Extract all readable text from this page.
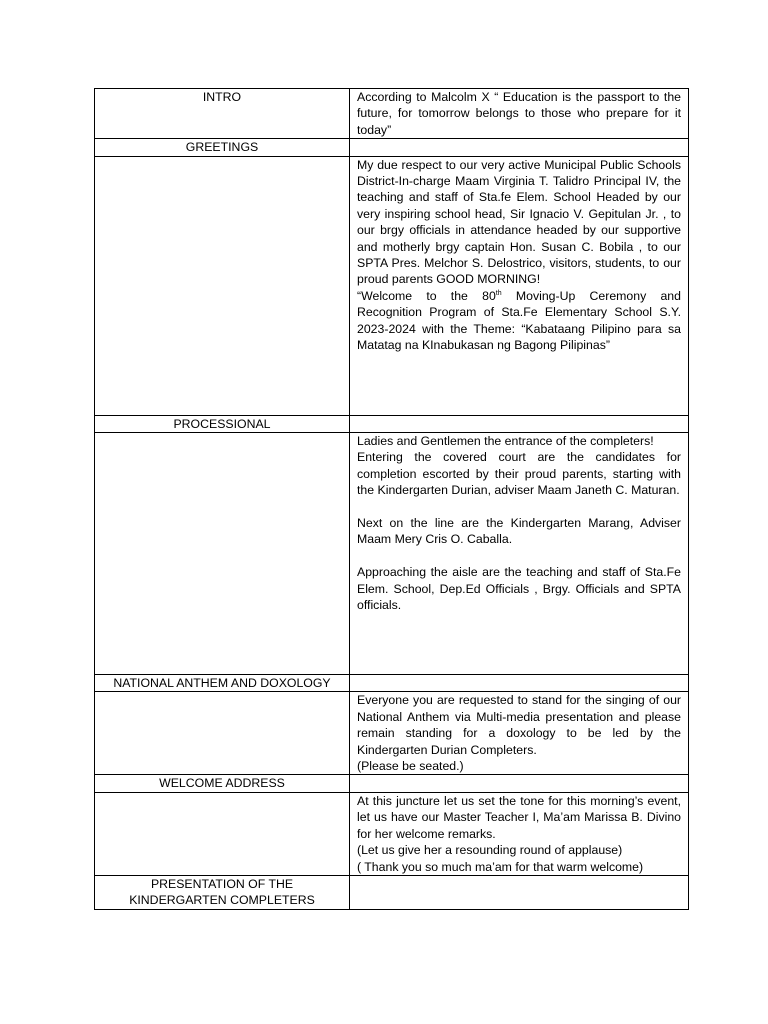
INTRO	According to Malcolm X “ Education is the passport to the future, for tomorrow belongs to those who prepare for it today”
GREETINGS	

	My due respect to our very active Municipal Public Schools District-In-charge Maam Virginia T. Talidro Principal IV, the teaching and staff of Sta.fe Elem. School Headed by our very inspiring school head, Sir Ignacio V. Gepitulan Jr. , to our brgy officials in attendance headed by our supportive and motherly brgy captain Hon. Susan C. Bobila , to our SPTA Pres. Melchor S. Delostrico, visitors, students, to our proud parents GOOD MORNING!

“Welcome to the 80th Moving-Up Ceremony and Recognition Program of Sta.Fe Elementary School S.Y. 2023-2024 with the Theme: “Kabataang Pilipino para sa Matatag na KInabukasan ng Bagong Pilipinas”

PROCESSIONAL	

	Ladies and Gentlemen the entrance of the completers!

Entering the covered court are the candidates for completion escorted by their proud parents, starting with the Kindergarten Durian, adviser Maam Janeth C. Maturan.

Next on the line are the Kindergarten Marang, Adviser Maam Mery Cris O. Caballa.

Approaching the aisle are the teaching and staff of Sta.Fe Elem. School, Dep.Ed Officials , Brgy. Officials and SPTA officials.

NATIONAL ANTHEM AND DOXOLOGY	

	Everyone you are requested to stand for the singing of our National Anthem via Multi-media presentation and please remain standing for a doxology to be led by the Kindergarten Durian Completers.

(Please be seated.)

WELCOME ADDRESS	

	At this juncture let us set the tone for this morning’s event, let us have our Master Teacher I, Ma’am Marissa B. Divino for her welcome remarks.

(Let us give her a resounding round of applause)

( Thank you so much ma’am for that warm welcome)

PRESENTATION OF THE KINDERGARTEN COMPLETERS	
